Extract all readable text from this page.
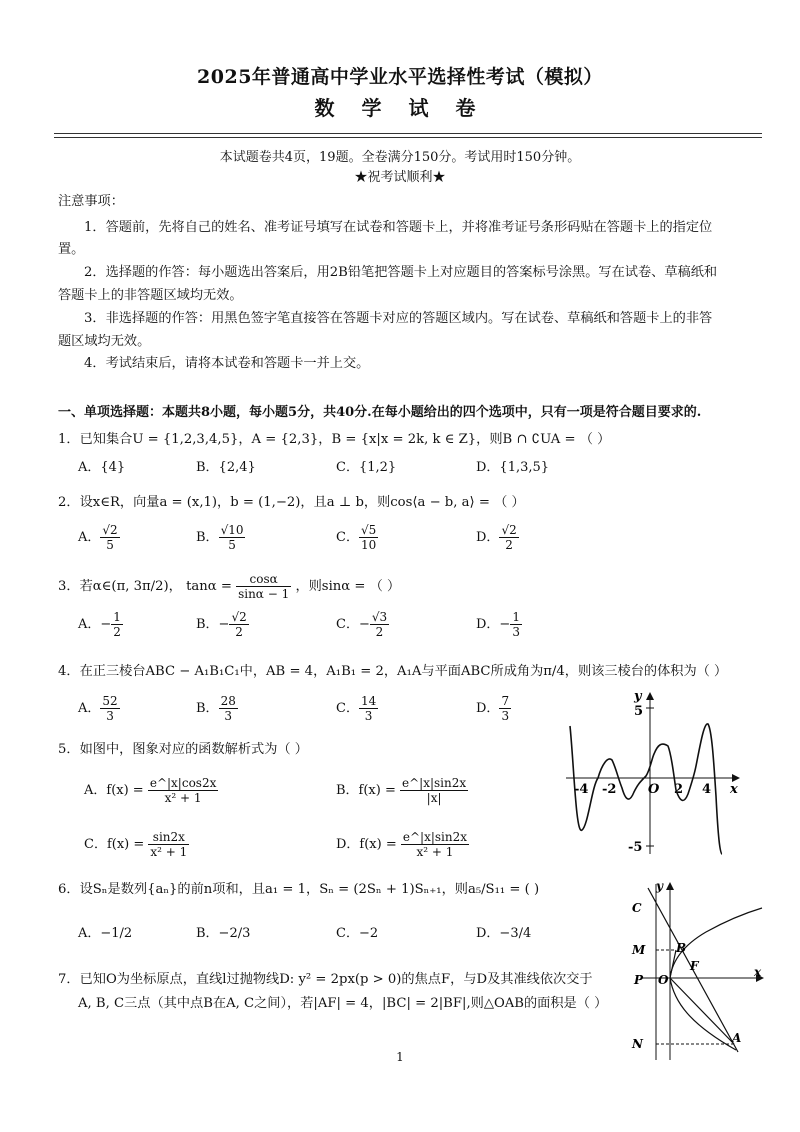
2025年普通高中学业水平选择性考试（模拟）
数 学 试 卷
本试题卷共4页，19题。全卷满分150分。考试用时150分钟。
★祝考试顺利★
注意事项：
1．答题前，先将自己的姓名、准考证号填写在试卷和答题卡上，并将准考证号条形码贴在答题卡上的指定位
置。
2．选择题的作答：每小题选出答案后，用2B铅笔把答题卡上对应题目的答案标号涂黑。写在试卷、草稿纸和
答题卡上的非答题区域均无效。
3．非选择题的作答：用黑色签字笔直接答在答题卡对应的答题区域内。写在试卷、草稿纸和答题卡上的非答
题区域均无效。
4．考试结束后，请将本试卷和答题卡一并上交。
一、单项选择题：本题共8小题，每小题5分，共40分.在每小题给出的四个选项中，只有一项是符合题目要求的.
1．已知集合U = {1,2,3,4,5}，A = {2,3}，B = {x|x = 2k, k ∈ Z}，则B ∩ ∁UA = （ ）
A．{4}	B．{2,4}	C．{1,2}	D．{1,3,5}
2．设x∈R，向量a = (x,1)，b = (1,−2)，且a ⊥ b，则cos⟨a − b, a⟩ = （ ）
A． $\frac{√2}{5}$	B． $\frac{√10}{5}$	C． $\frac{√5}{10}$	D． $\frac{√2}{2}$
3．若α∈(π, 3π/2)， $\tan\alpha = \frac{\cos\alpha}{\sin\alpha - 1}$ ，则sinα = （ ）
A．− $\frac{1}{2}$	B．− $\frac{√2}{2}$	C．− $\frac{√3}{2}$	D．− $\frac{1}{3}$
4．在正三棱台ABC − A₁B₁C₁中，AB = 4，A₁B₁ = 2，A₁A与平面ABC所成角为π/4，则该三棱台的体积为（ ）
A． $\frac{52}{3}$	B． $\frac{28}{3}$	C． $\frac{14}{3}$	D． $\frac{7}{3}$
5．如图中，图象对应的函数解析式为（ ）
A．$f(x) = \frac{e\^{}|x|\cos 2x}{\text{x² + 1}}$	B．$f(x) = \frac{e\^{}|x|\sin 2x}{|x|}$
C．$f(x) = \frac{\sin 2x}{\text{x² + 1}}$	D．$f(x) = \frac{e\^{}|x|\sin 2x}{\text{x² + 1}}$
y
x
O
5
-5
-4 -2	2 4
6．设Sₙ是数列{aₙ}的前n项和，且a₁ = 1，Sₙ = (2Sₙ + 1)Sₙ₊₁，则a₅/S₁₁ = ( )
A．−1/2	B．−2/3	C．−2	D．−3/4
7．已知O为坐标原点，直线l过抛物线D: y² = 2px(p > 0)的焦点F，与D及其准线依次交于
A, B, C三点（其中点B在A, C之间），若|AF| = 4，|BC| = 2|BF|,则△OAB的面积是（ ）
y
x
C
M	B
P O
F
N	A
1
